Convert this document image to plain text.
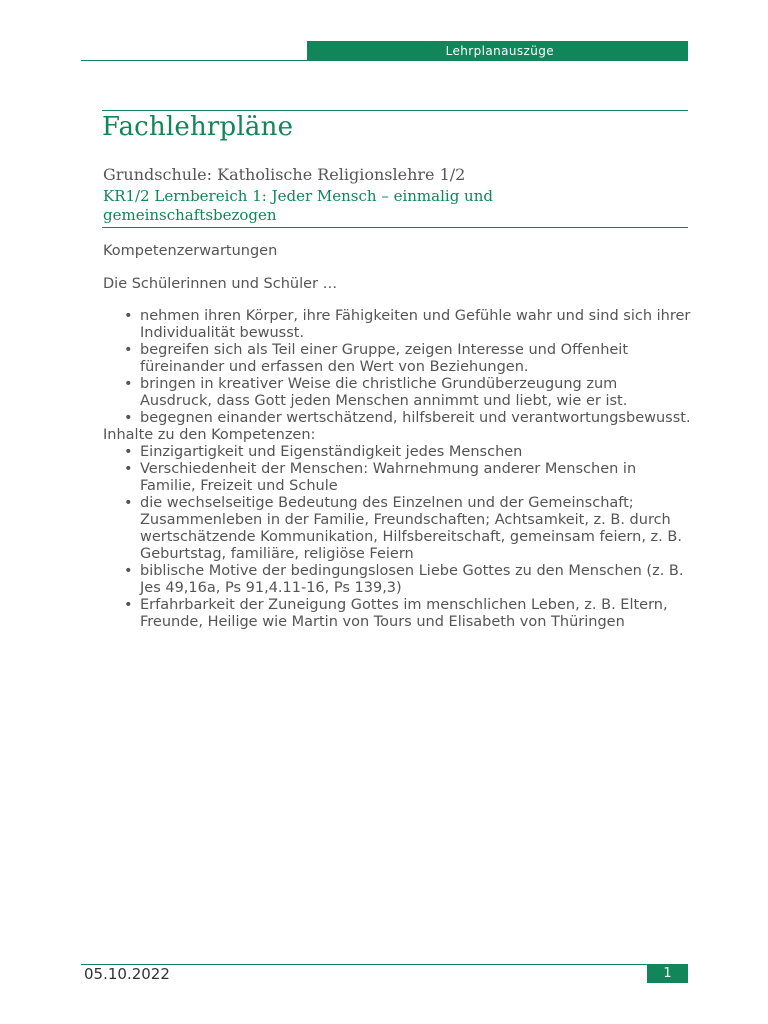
Lehrplanauszüge
Fachlehrpläne
Grundschule: Katholische Religionslehre 1/2
KR1/2 Lernbereich 1: Jeder Mensch – einmalig und gemeinschaftsbezogen

Kompetenzerwartungen

Die Schülerinnen und Schüler …

• nehmen ihren Körper, ihre Fähigkeiten und Gefühle wahr und sind sich ihrer Individualität bewusst.
• begreifen sich als Teil einer Gruppe, zeigen Interesse und Offenheit füreinander und erfassen den Wert von Beziehungen.
• bringen in kreativer Weise die christliche Grundüberzeugung zum Ausdruck, dass Gott jeden Menschen annimmt und liebt, wie er ist.
• begegnen einander wertschätzend, hilfsbereit und verantwortungsbewusst.

Inhalte zu den Kompetenzen:

• Einzigartigkeit und Eigenständigkeit jedes Menschen
• Verschiedenheit der Menschen: Wahrnehmung anderer Menschen in Familie, Freizeit und Schule
• die wechselseitige Bedeutung des Einzelnen und der Gemeinschaft; Zusammenleben in der Familie, Freundschaften; Achtsamkeit, z. B. durch wertschätzende Kommunikation, Hilfsbereitschaft, gemeinsam feiern, z. B. Geburtstag, familiäre, religiöse Feiern
• biblische Motive der bedingungslosen Liebe Gottes zu den Menschen (z. B. Jes 49,16a, Ps 91,4.11-16, Ps 139,3)
• Erfahrbarkeit der Zuneigung Gottes im menschlichen Leben, z. B. Eltern, Freunde, Heilige wie Martin von Tours und Elisabeth von Thüringen
05.10.2022	1
